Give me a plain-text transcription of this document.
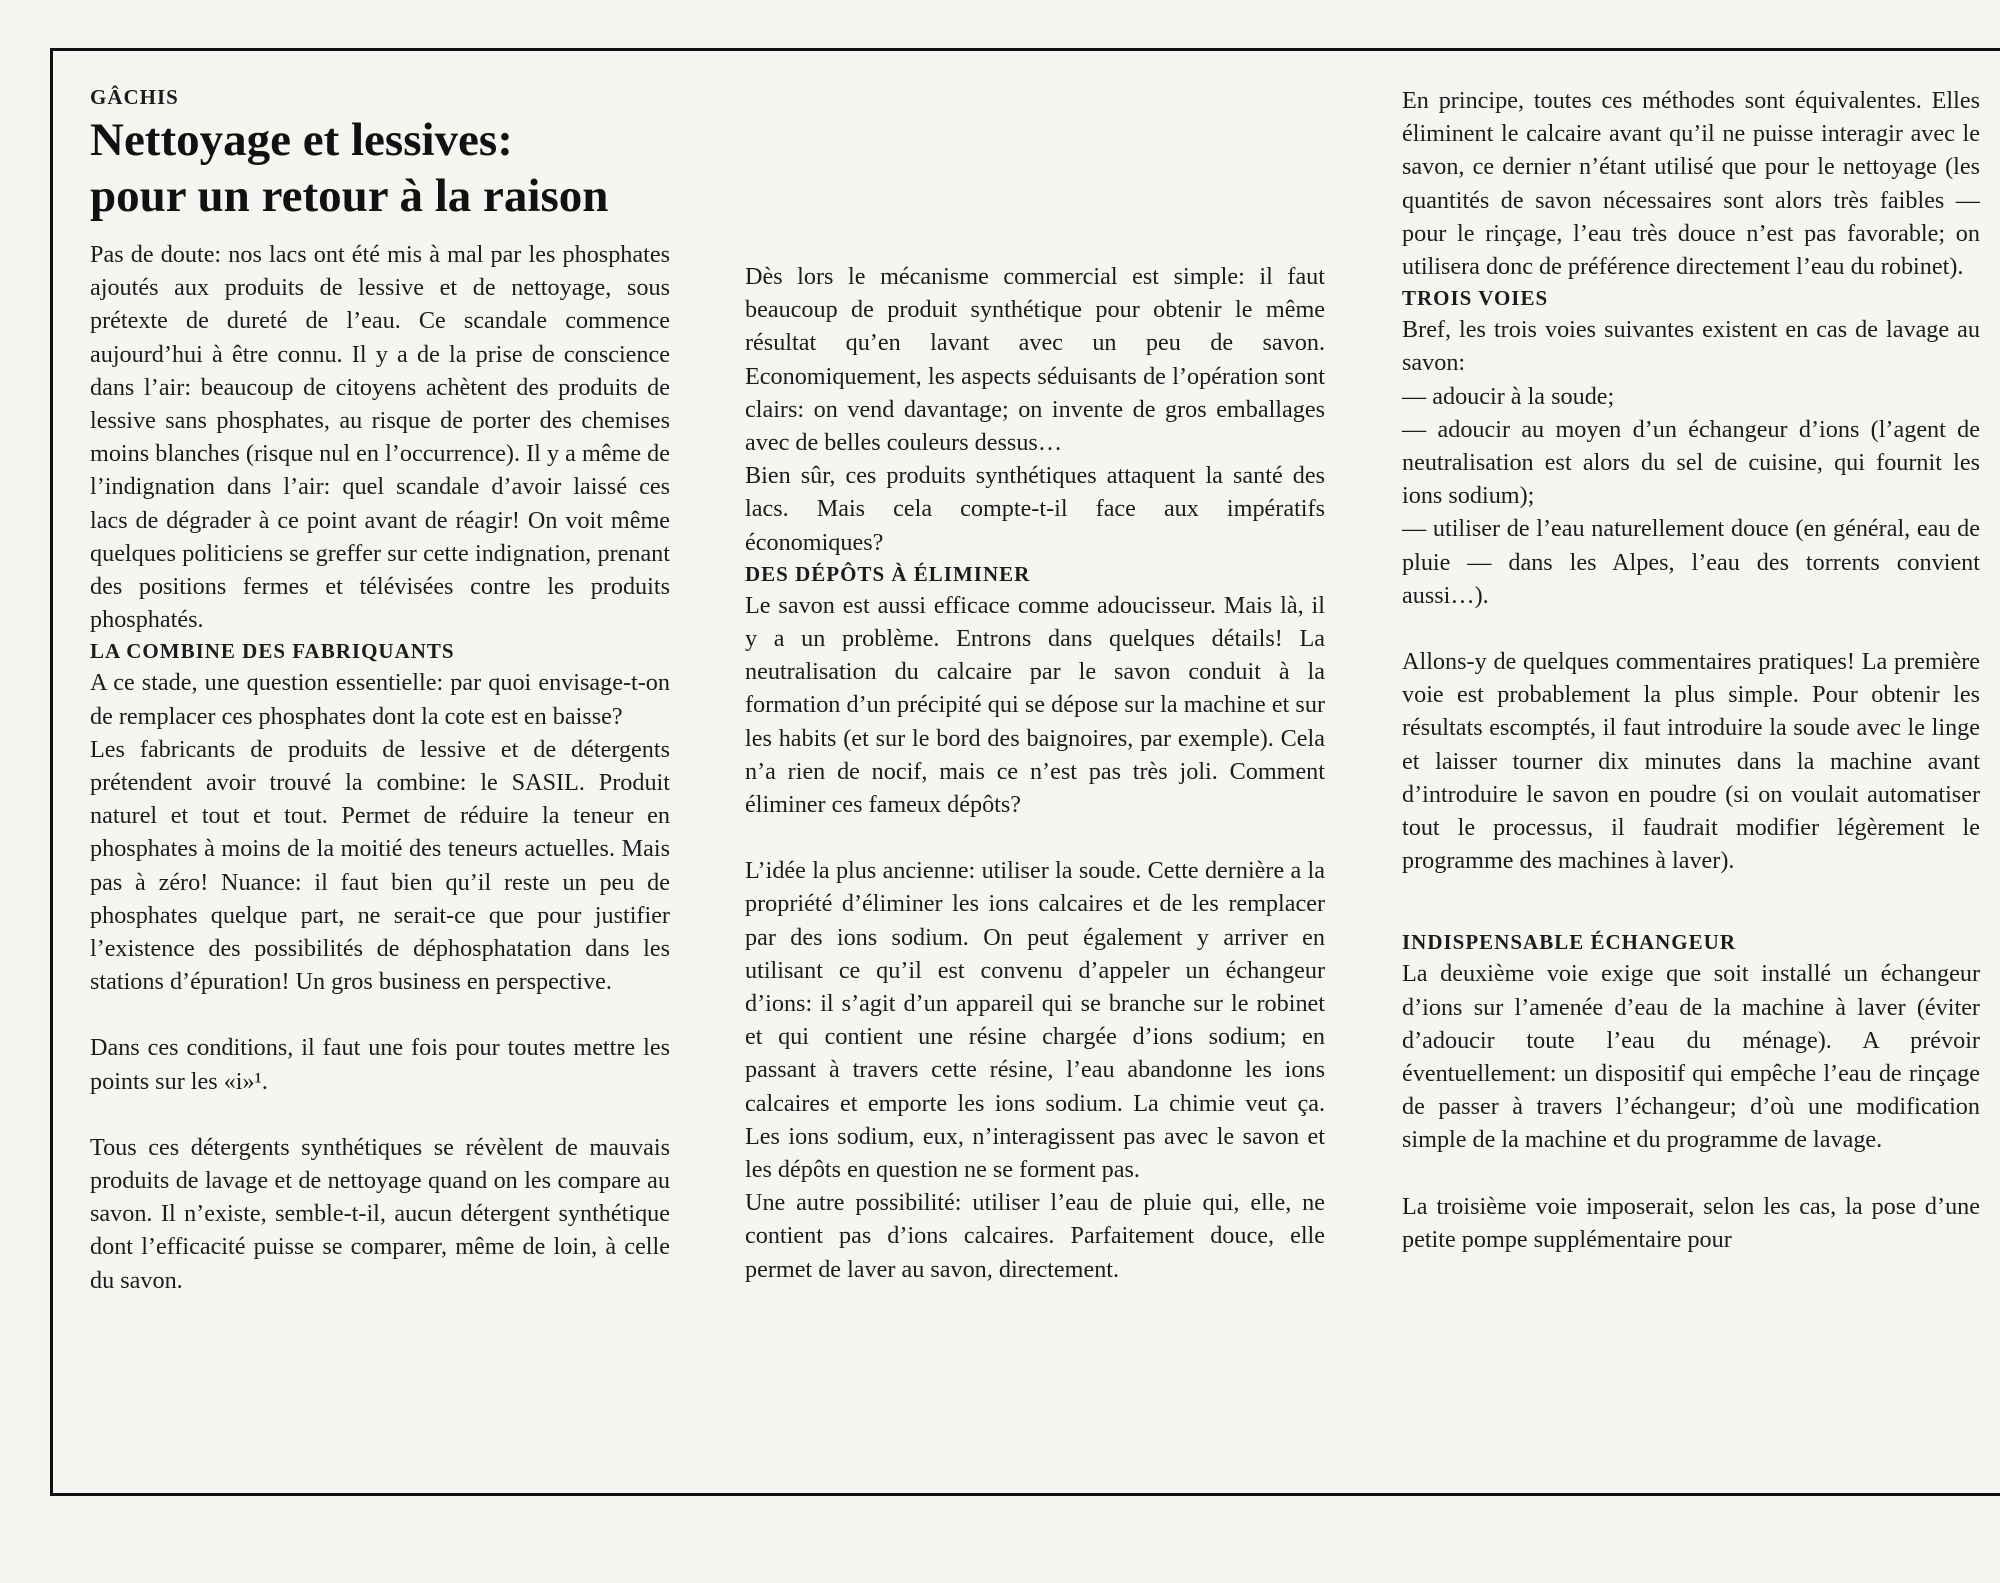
GÂCHIS

Nettoyage et lessives:
pour un retour à la raison

Pas de doute: nos lacs ont été mis à mal par les phosphates ajoutés aux produits de lessive et de nettoyage, sous prétexte de dureté de l’eau. Ce scandale commence aujourd’hui à être connu. Il y a de la prise de conscience dans l’air: beaucoup de citoyens achètent des produits de lessive sans phosphates, au risque de porter des chemises moins blanches (risque nul en l’occurrence). Il y a même de l’indignation dans l’air: quel scandale d’avoir laissé ces lacs de dégrader à ce point avant de réagir! On voit même quelques politiciens se greffer sur cette indignation, prenant des positions fermes et télévisées contre les produits phosphatés.

LA COMBINE DES FABRIQUANTS

A ce stade, une question essentielle: par quoi envisage-t-on de remplacer ces phosphates dont la cote est en baisse?

Les fabricants de produits de lessive et de détergents prétendent avoir trouvé la combine: le SASIL. Produit naturel et tout et tout. Permet de réduire la teneur en phosphates à moins de la moitié des teneurs actuelles. Mais pas à zéro! Nuance: il faut bien qu’il reste un peu de phosphates quelque part, ne serait-ce que pour justifier l’existence des possibilités de déphosphatation dans les stations d’épuration! Un gros business en perspective.

Dans ces conditions, il faut une fois pour toutes mettre les points sur les «i»¹.

Tous ces détergents synthétiques se révèlent de mauvais produits de lavage et de nettoyage quand on les compare au savon. Il n’existe, semble-t-il, aucun détergent synthétique dont l’efficacité puisse se comparer, même de loin, à celle du savon.

Dès lors le mécanisme commercial est simple: il faut beaucoup de produit synthétique pour obtenir le même résultat qu’en lavant avec un peu de savon. Economiquement, les aspects séduisants de l’opération sont clairs: on vend davantage; on invente de gros emballages avec de belles couleurs dessus…

Bien sûr, ces produits synthétiques attaquent la santé des lacs. Mais cela compte-t-il face aux impératifs économiques?

DES DÉPÔTS À ÉLIMINER

Le savon est aussi efficace comme adoucisseur. Mais là, il y a un problème. Entrons dans quelques détails! La neutralisation du calcaire par le savon conduit à la formation d’un précipité qui se dépose sur la machine et sur les habits (et sur le bord des baignoires, par exemple). Cela n’a rien de nocif, mais ce n’est pas très joli. Comment éliminer ces fameux dépôts?

L’idée la plus ancienne: utiliser la soude. Cette dernière a la propriété d’éliminer les ions calcaires et de les remplacer par des ions sodium. On peut également y arriver en utilisant ce qu’il est convenu d’appeler un échangeur d’ions: il s’agit d’un appareil qui se branche sur le robinet et qui contient une résine chargée d’ions sodium; en passant à travers cette résine, l’eau abandonne les ions calcaires et emporte les ions sodium. La chimie veut ça. Les ions sodium, eux, n’interagissent pas avec le savon et les dépôts en question ne se forment pas.

Une autre possibilité: utiliser l’eau de pluie qui, elle, ne contient pas d’ions calcaires. Parfaitement douce, elle permet de laver au savon, directement.

En principe, toutes ces méthodes sont équivalentes. Elles éliminent le calcaire avant qu’il ne puisse interagir avec le savon, ce dernier n’étant utilisé que pour le nettoyage (les quantités de savon nécessaires sont alors très faibles — pour le rinçage, l’eau très douce n’est pas favorable; on utilisera donc de préférence directement l’eau du robinet).

TROIS VOIES

Bref, les trois voies suivantes existent en cas de lavage au savon:

— adoucir à la soude;

— adoucir au moyen d’un échangeur d’ions (l’agent de neutralisation est alors du sel de cuisine, qui fournit les ions sodium);

— utiliser de l’eau naturellement douce (en général, eau de pluie — dans les Alpes, l’eau des torrents convient aussi…).

Allons-y de quelques commentaires pratiques! La première voie est probablement la plus simple. Pour obtenir les résultats escomptés, il faut introduire la soude avec le linge et laisser tourner dix minutes dans la machine avant d’introduire le savon en poudre (si on voulait automatiser tout le processus, il faudrait modifier légèrement le programme des machines à laver).

INDISPENSABLE ÉCHANGEUR

La deuxième voie exige que soit installé un échangeur d’ions sur l’amenée d’eau de la machine à laver (éviter d’adoucir toute l’eau du ménage). A prévoir éventuellement: un dispositif qui empêche l’eau de rinçage de passer à travers l’échangeur; d’où une modification simple de la machine et du programme de lavage.

La troisième voie imposerait, selon les cas, la pose d’une petite pompe supplémentaire pour
